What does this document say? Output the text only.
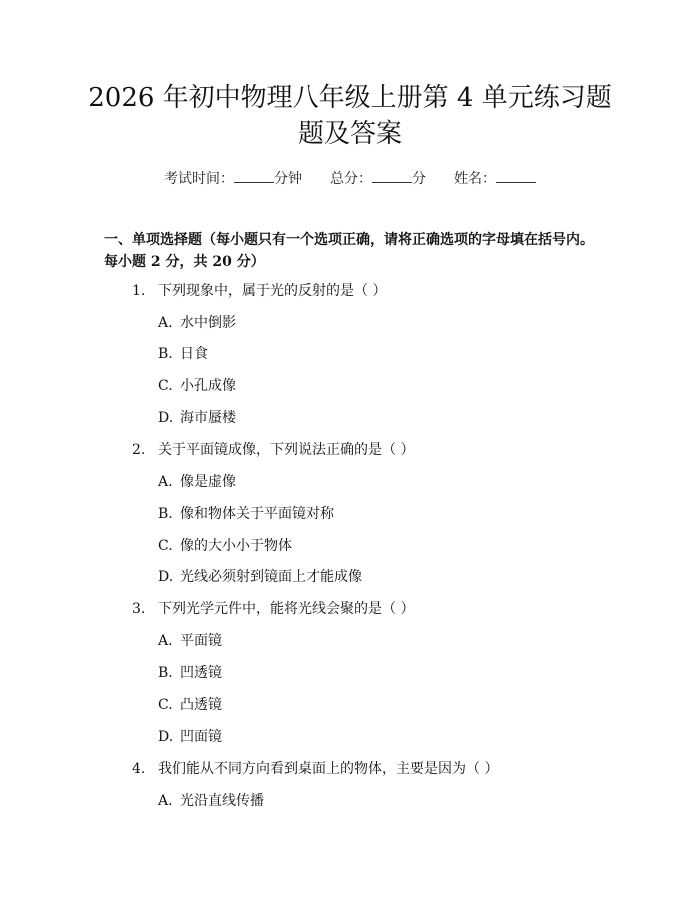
2026 年初中物理八年级上册第 4 单元练习题
题及答案
考试时间：	分钟 总分：	分 姓名：
一、单项选择题（每小题只有一个选项正确，请将正确选项的字母填在括号内。
每小题 2 分，共 20 分）
1. 下列现象中，属于光的反射的是（ ）
A. 水中倒影
B. 日食
C. 小孔成像
D. 海市蜃楼
2. 关于平面镜成像，下列说法正确的是（ ）
A. 像是虚像
B. 像和物体关于平面镜对称
C. 像的大小小于物体
D. 光线必须射到镜面上才能成像
3. 下列光学元件中，能将光线会聚的是（ ）
A. 平面镜
B. 凹透镜
C. 凸透镜
D. 凹面镜
4. 我们能从不同方向看到桌面上的物体，主要是因为（ ）
A. 光沿直线传播
